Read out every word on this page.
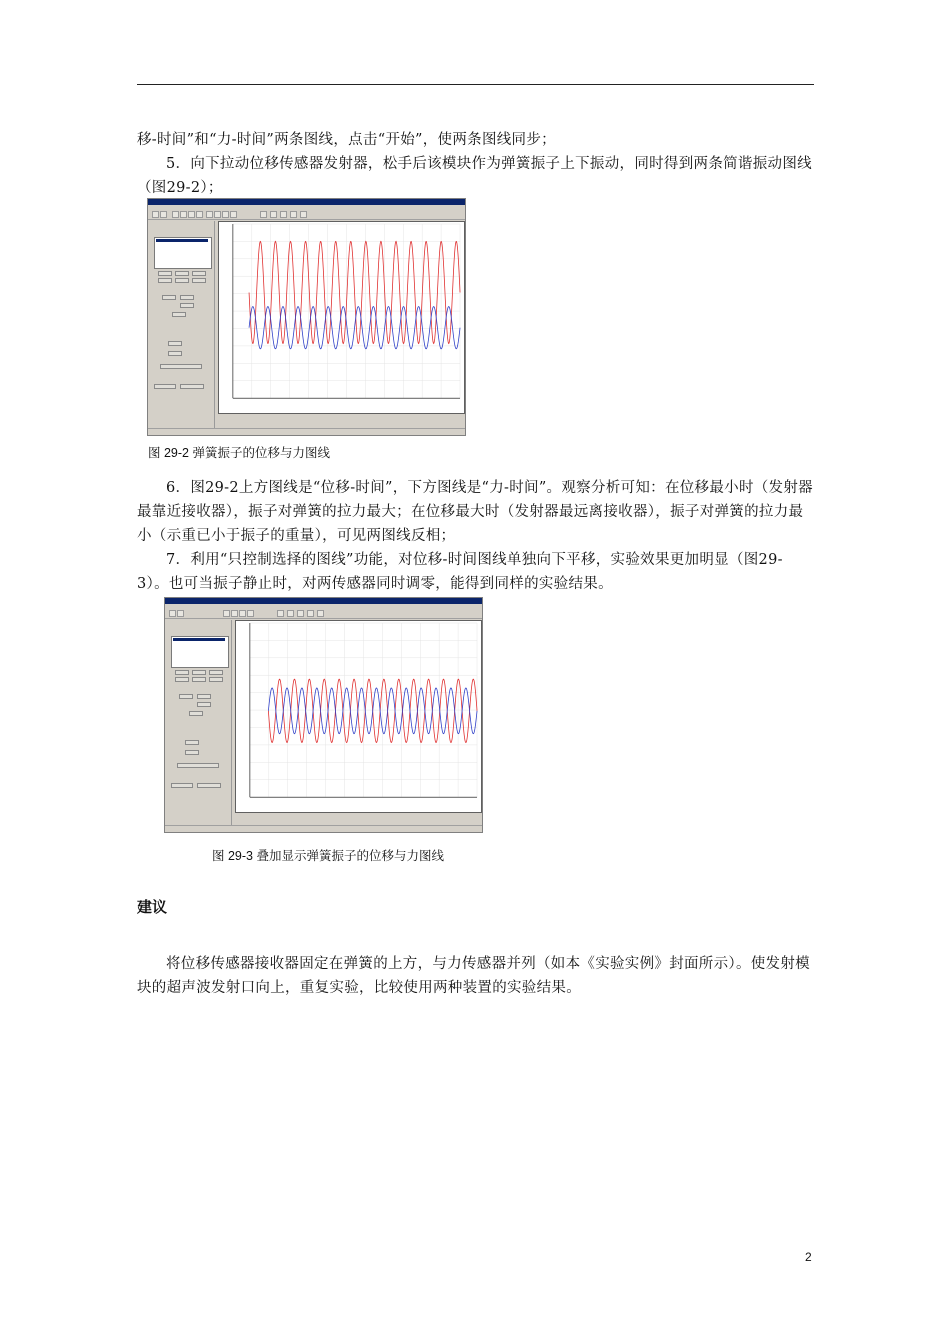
移-时间”和“力-时间”两条图线，点击“开始”，使两条图线同步；

5．向下拉动位移传感器发射器，松手后该模块作为弹簧振子上下振动，同时得到两条简谐振动图线（图29-2）；

图 29-2 弹簧振子的位移与力图线

6．图29-2上方图线是“位移-时间”，下方图线是“力-时间”。观察分析可知：在位移最小时（发射器最靠近接收器），振子对弹簧的拉力最大；在位移最大时（发射器最远离接收器），振子对弹簧的拉力最小（示重已小于振子的重量），可见两图线反相；

7．利用“只控制选择的图线”功能，对位移-时间图线单独向下平移，实验效果更加明显（图29-3）。也可当振子静止时，对两传感器同时调零，能得到同样的实验结果。

图 29-3 叠加显示弹簧振子的位移与力图线
建议

将位移传感器接收器固定在弹簧的上方，与力传感器并列（如本《实验实例》封面所示）。使发射模块的超声波发射口向上，重复实验，比较使用两种装置的实验结果。

2
